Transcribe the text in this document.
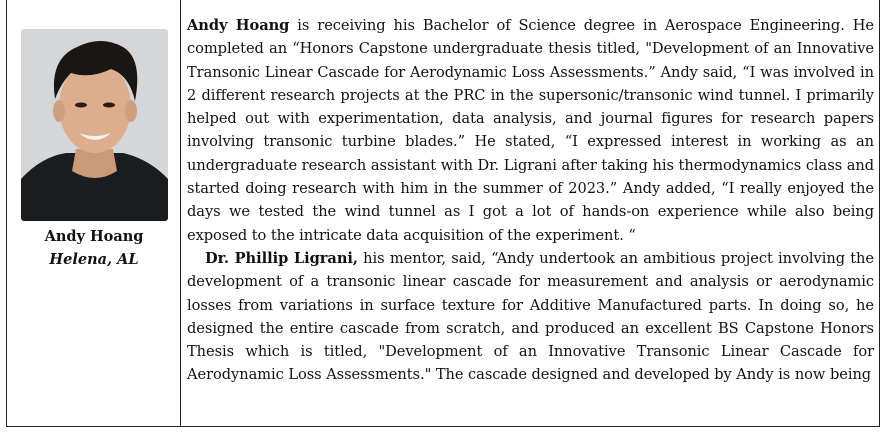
Andy Hoang
Helena, AL

Andy Hoang is receiving his Bachelor of Science degree in Aerospace Engineering. He completed an “Honors Capstone undergraduate thesis titled, "Development of an Innovative Transonic Linear Cascade for Aerodynamic Loss Assessments.” Andy said, “I was involved in 2 different research projects at the PRC in the supersonic/transonic wind tunnel. I primarily helped out with experimentation, data analysis, and journal figures for research papers involving transonic turbine blades.” He stated, “I expressed interest in working as an undergraduate research assistant with Dr. Ligrani after taking his thermodynamics class and started doing research with him in the summer of 2023.” Andy added, “I really enjoyed the days we tested the wind tunnel as I got a lot of hands-on experience while also being exposed to the intricate data acquisition of the experiment. “

Dr. Phillip Ligrani, his mentor, said, “Andy undertook an ambitious project involving the development of a transonic linear cascade for measurement and analysis or aerodynamic losses from variations in surface texture for Additive Manufactured parts. In doing so, he designed the entire cascade from scratch, and produced an excellent BS Capstone Honors Thesis which is titled, "Development of an Innovative Transonic Linear Cascade for Aerodynamic Loss Assessments." The cascade designed and developed by Andy is now being
